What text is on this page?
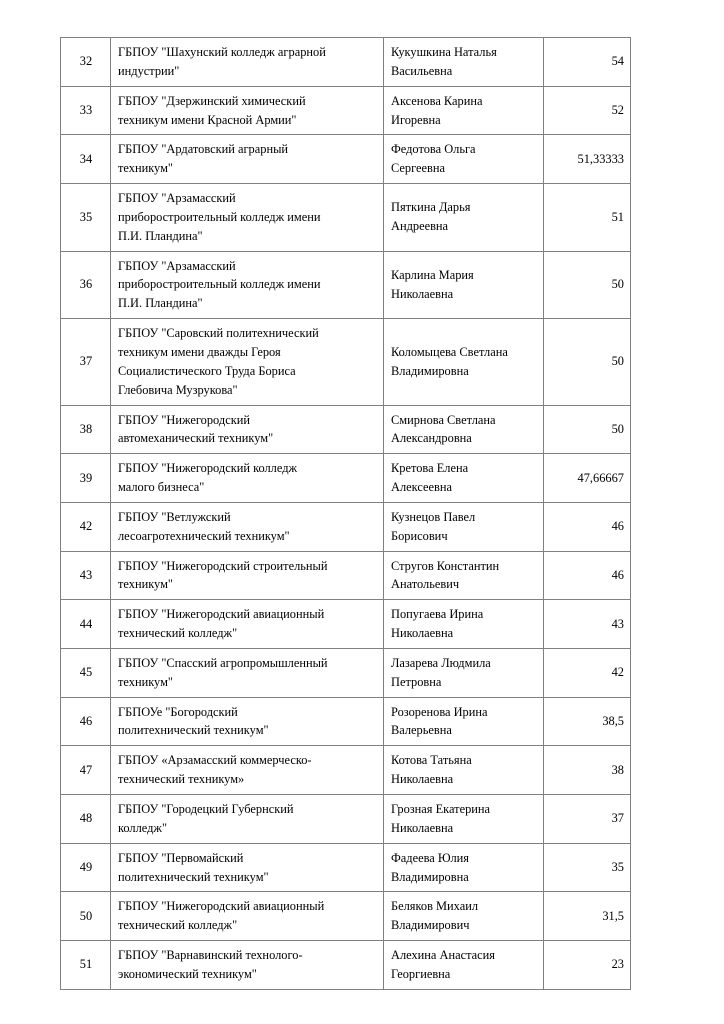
32	ГБПОУ "Шахунский колледж аграрной
индустрии"	Кукушкина Наталья
Васильевна	54
33	ГБПОУ "Дзержинский химический
техникум имени Красной Армии"	Аксенова Карина
Игоревна	52
34	ГБПОУ "Ардатовский аграрный
техникум"	Федотова Ольга
Сергеевна	51,33333
35	ГБПОУ "Арзамасский
приборостроительный колледж имени
П.И. Пландина"	Пяткина Дарья
Андреевна	51
36	ГБПОУ "Арзамасский
приборостроительный колледж имени
П.И. Пландина"	Карлина Мария
Николаевна	50
37	ГБПОУ "Саровский политехнический
техникум имени дважды Героя
Социалистического Труда Бориса
Глебовича Музрукова"	Коломыцева Светлана
Владимировна	50
38	ГБПОУ "Нижегородский
автомеханический техникум"	Смирнова Светлана
Александровна	50
39	ГБПОУ "Нижегородский колледж
малого бизнеса"	Кретова Елена
Алексеевна	47,66667
42	ГБПОУ "Ветлужский
лесоагротехнический техникум"	Кузнецов Павел
Борисович	46
43	ГБПОУ "Нижегородский строительный
техникум"	Стругов Константин
Анатольевич	46
44	ГБПОУ "Нижегородский авиационный
технический колледж"	Попугаева Ирина
Николаевна	43
45	ГБПОУ "Спасский агропромышленный
техникум"	Лазарева Людмила
Петровна	42
46	ГБПОУе "Богородский
политехнический техникум"	Розоренова Ирина
Валерьевна	38,5
47	ГБПОУ «Арзамасский коммерческо-
технический техникум»	Котова Татьяна
Николаевна	38
48	ГБПОУ "Городецкий Губернский
колледж"	Грозная Екатерина
Николаевна	37
49	ГБПОУ "Первомайский
политехнический техникум"	Фадеева Юлия
Владимировна	35
50	ГБПОУ "Нижегородский авиационный
технический колледж"	Беляков Михаил
Владимирович	31,5
51	ГБПОУ "Варнавинский технолого-
экономический техникум"	Алехина Анастасия
Георгиевна	23
